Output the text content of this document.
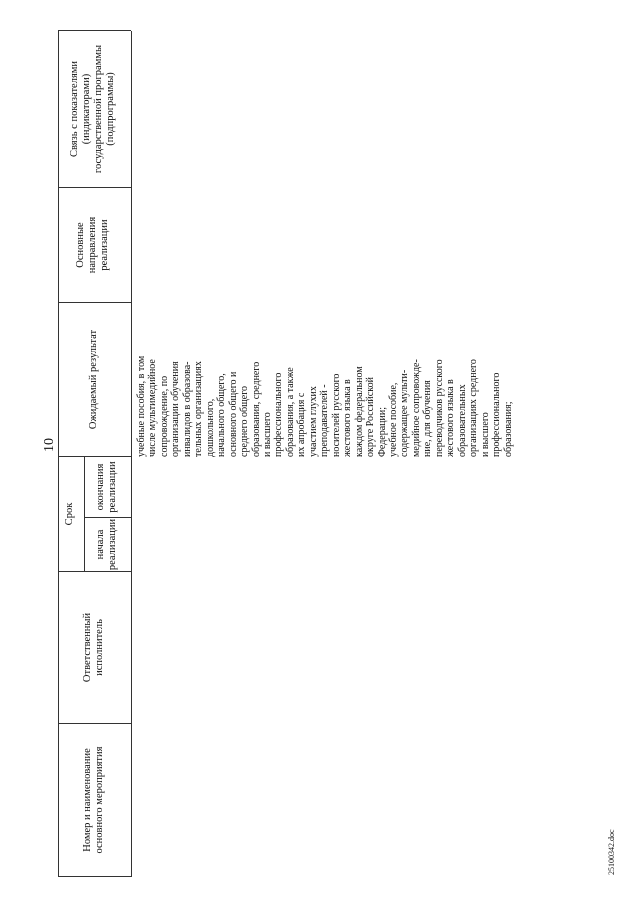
10
Номер и наименование основного мероприятия
Ответственный исполнитель
Срок
начала реализации
окончания реализации
Ожидаемый результат
Основные направления реализации
Связь с показателями (индикаторами) государственной программы (подпрограммы)
учебные пособия, в том числе мультимедийное сопровождение, по организации обучения инвалидов в образова- тельных организациях дошкольного, начального общего, основного общего и среднего общего образования, среднего и высшего профессионального образования, а также их апробация с участием глухих преподавателей - носителей русского жестового языка в каждом федеральном округе Российской Федерации; учебное пособие, содержащее мульти- медийное сопровожде- ние, для обучения переводчиков русского жестового языка в образовательных организациях среднего и высшего профессионального образования;
25100342.doc
